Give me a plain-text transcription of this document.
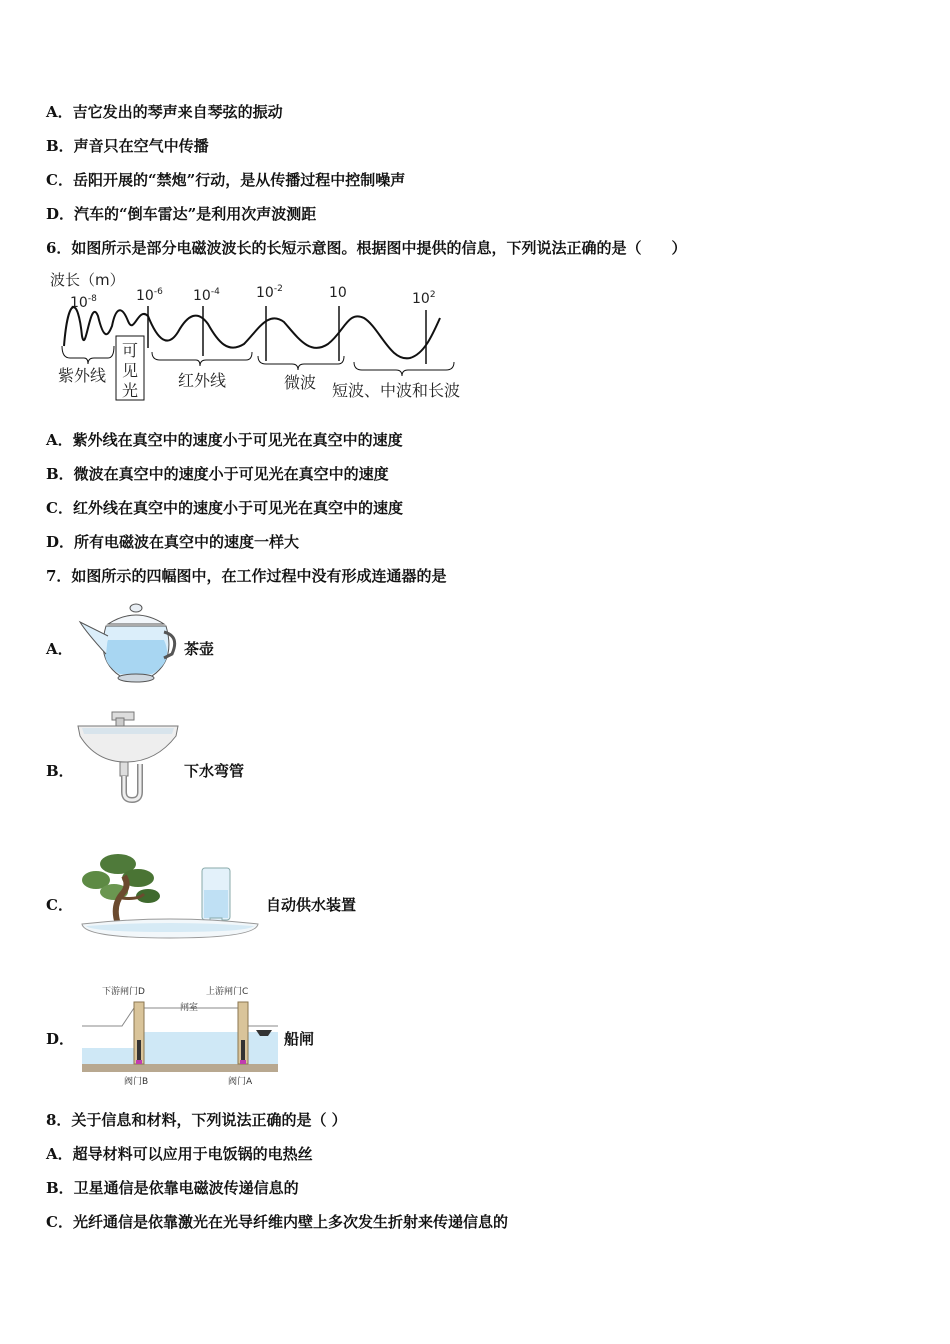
A．吉它发出的琴声来自琴弦的振动
B．声音只在空气中传播
C．岳阳开展的“禁炮”行动，是从传播过程中控制噪声
D．汽车的“倒车雷达”是利用次声波测距
6．如图所示是部分电磁波波长的长短示意图。根据图中提供的信息，下列说法正确的是（　　）
波长（m）
$10^{-8}$	$10^{-6}$ $10^{-4}$	$10^{-2}$	10	$10^2$
紫外线
可
见
光
红外线	微波 短波、中波和长波
A．紫外线在真空中的速度小于可见光在真空中的速度
B．微波在真空中的速度小于可见光在真空中的速度
C．红外线在真空中的速度小于可见光在真空中的速度
D．所有电磁波在真空中的速度一样大
7．如图所示的四幅图中，在工作过程中没有形成连通器的是
A．	茶壶
B．	下水弯管
C．	自动供水装置
D．
下游闸门D	上游闸门C
闸室
阀门B	阀门A
船闸
8．关于信息和材料，下列说法正确的是（ ）
A．超导材料可以应用于电饭锅的电热丝
B．卫星通信是依靠电磁波传递信息的
C．光纤通信是依靠激光在光导纤维内壁上多次发生折射来传递信息的
